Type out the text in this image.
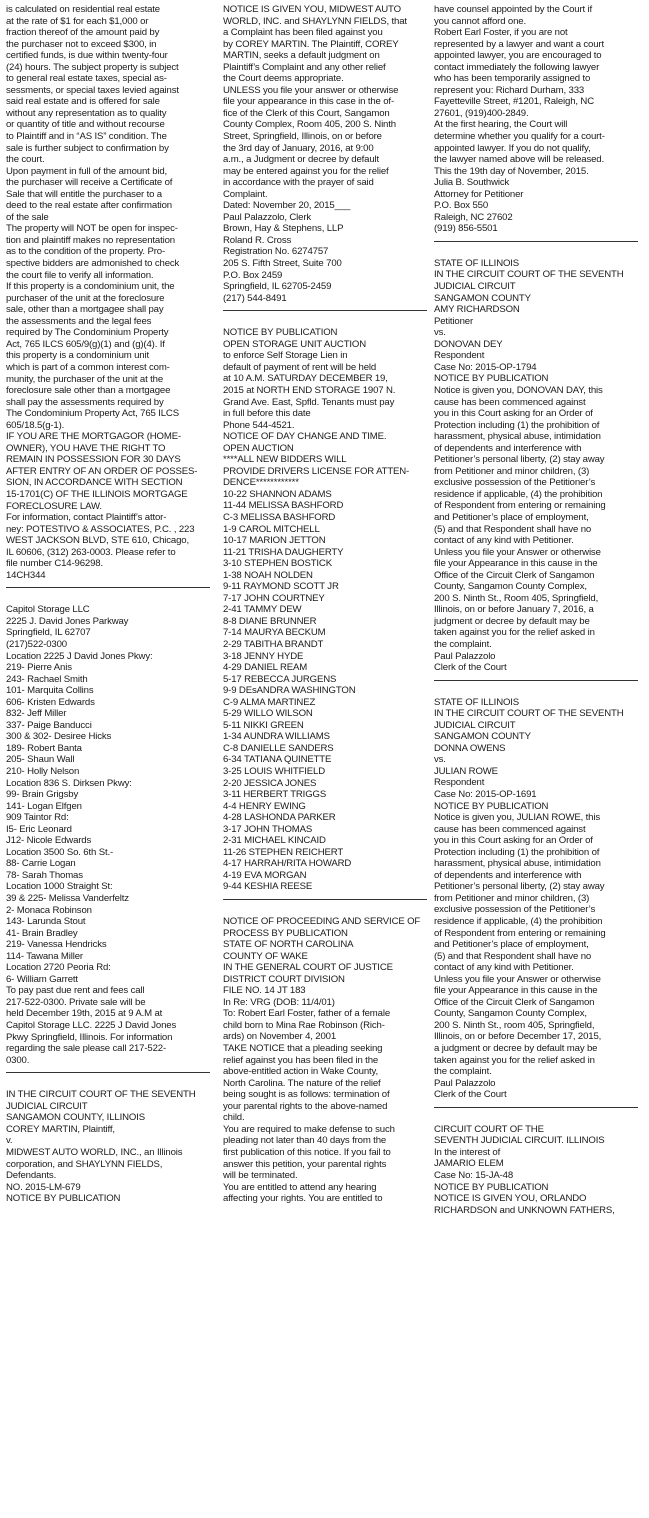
is calculated on residential real estate
at the rate of $1 for each $1,000 or
fraction thereof of the amount paid by
the purchaser not to exceed $300, in
certified funds, is due within twenty-four
(24) hours. The subject property is subject
to general real estate taxes, special as-
sessments, or special taxes levied against
said real estate and is offered for sale
without any representation as to quality
or quantity of title and without recourse
to Plaintiff and in “AS IS” condition. The
sale is further subject to confirmation by
the court.
Upon payment in full of the amount bid,
the purchaser will receive a Certificate of
Sale that will entitle the purchaser to a
deed to the real estate after confirmation
of the sale
The property will NOT be open for inspec-
tion and plaintiff makes no representation
as to the condition of the property. Pro-
spective bidders are admonished to check
the court file to verify all information.
If this property is a condominium unit, the
purchaser of the unit at the foreclosure
sale, other than a mortgagee shall pay
the assessments and the legal fees
required by The Condominium Property
Act, 765 ILCS 605/9(g)(1) and (g)(4). If
this property is a condominium unit
which is part of a common interest com-
munity, the purchaser of the unit at the
foreclosure sale other than a mortgagee
shall pay the assessments required by
The Condominium Property Act, 765 ILCS
605/18.5(g-1).
IF YOU ARE THE MORTGAGOR (HOME-
OWNER), YOU HAVE THE RIGHT TO
REMAIN IN POSSESSION FOR 30 DAYS
AFTER ENTRY OF AN ORDER OF POSSES-
SION, IN ACCORDANCE WITH SECTION
15-1701(C) OF THE ILLINOIS MORTGAGE
FORECLOSURE LAW.
For information, contact Plaintiff’s attor-
ney: POTESTIVO & ASSOCIATES, P.C. , 223
WEST JACKSON BLVD, STE 610, Chicago,
IL 60606, (312) 263-0003. Please refer to
file number C14-96298.
14CH344
Capitol Storage LLC
2225 J. David Jones Parkway
Springfield, IL 62707
(217)522-0300
Location 2225 J David Jones Pkwy:
219- Pierre Anis
243- Rachael Smith
101- Marquita Collins
606- Kristen Edwards
832- Jeff Miller
337- Paige Banducci
300 & 302- Desiree Hicks
189- Robert Banta
205- Shaun Wall
210- Holly Nelson
Location 836 S. Dirksen Pkwy:
99- Brain Grigsby
141- Logan Elfgen
909 Taintor Rd:
I5- Eric Leonard
J12- Nicole Edwards
Location 3500 So. 6th St.-
88- Carrie Logan
78- Sarah Thomas
Location 1000 Straight St:
39 & 225- Melissa Vanderfeltz
2- Monaca Robinson
143- Larunda Stout
41- Brain Bradley
219- Vanessa Hendricks
114- Tawana Miller
Location 2720 Peoria Rd:
6- William Garrett
To pay past due rent and fees call
217-522-0300. Private sale will be
held December 19th, 2015 at 9 A.M at
Capitol Storage LLC. 2225 J David Jones
Pkwy Springfield, Illinois. For information
regarding the sale please call 217-522-
0300.
IN THE CIRCUIT COURT OF THE SEVENTH
JUDICIAL CIRCUIT
SANGAMON COUNTY, ILLINOIS
COREY MARTIN, Plaintiff,
v.
MIDWEST AUTO WORLD, INC., an Illinois
corporation, and SHAYLYNN FIELDS,
Defendants.
NO. 2015-LM-679
NOTICE BY PUBLICATION
NOTICE IS GIVEN YOU, MIDWEST AUTO
WORLD, INC. and SHAYLYNN FIELDS, that
a Complaint has been filed against you
by COREY MARTIN. The Plaintiff, COREY
MARTIN, seeks a default judgment on
Plaintiff’s Complaint and any other relief
the Court deems appropriate.
UNLESS you file your answer or otherwise
file your appearance in this case in the of-
fice of the Clerk of this Court, Sangamon
County Complex, Room 405, 200 S. Ninth
Street, Springfield, Illinois, on or before
the 3rd day of January, 2016, at 9:00
a.m., a Judgment or decree by default
may be entered against you for the relief
in accordance with the prayer of said
Complaint.
Dated: November 20, 2015___
Paul Palazzolo, Clerk
Brown, Hay & Stephens, LLP
Roland R. Cross
Registration No. 6274757
205 S. Fifth Street, Suite 700
P.O. Box 2459
Springfield, IL 62705-2459
(217) 544-8491
NOTICE BY PUBLICATION
OPEN STORAGE UNIT AUCTION
to enforce Self Storage Lien in
default of payment of rent will be held
at 10 A.M. SATURDAY DECEMBER 19,
2015 at NORTH END STORAGE 1907 N.
Grand Ave. East, Spfld. Tenants must pay
in full before this date
Phone 544-4521.
NOTICE OF DAY CHANGE AND TIME.
OPEN AUCTION
****ALL NEW BIDDERS WILL
PROVIDE DRIVERS LICENSE FOR ATTEN-
DENCE************
10-22 SHANNON ADAMS
11-44 MELISSA BASHFORD
C-3 MELISSA BASHFORD
1-9 CAROL MITCHELL
10-17 MARION JETTON
11-21 TRISHA DAUGHERTY
3-10 STEPHEN BOSTICK
1-38 NOAH NOLDEN
9-11 RAYMOND SCOTT JR
7-17 JOHN COURTNEY
2-41 TAMMY DEW
8-8 DIANE BRUNNER
7-14 MAURYA BECKUM
2-29 TABITHA BRANDT
3-18 JENNY HYDE
4-29 DANIEL REAM
5-17 REBECCA JURGENS
9-9 DEsANDRA WASHINGTON
C-9 ALMA MARTINEZ
5-29 WILLO WILSON
5-11 NIKKI GREEN
1-34 AUNDRA WILLIAMS
C-8 DANIELLE SANDERS
6-34 TATIANA QUINETTE
3-25 LOUIS WHITFIELD
2-20 JESSICA JONES
3-11 HERBERT TRIGGS
4-4 HENRY EWING
4-28 LASHONDA PARKER
3-17 JOHN THOMAS
2-31 MICHAEL KINCAID
11-26 STEPHEN REICHERT
4-17 HARRAH/RITA HOWARD
4-19 EVA MORGAN
9-44 KESHIA REESE
NOTICE OF PROCEEDING AND SERVICE OF
PROCESS BY PUBLICATION
STATE OF NORTH CAROLINA
COUNTY OF WAKE
IN THE GENERAL COURT OF JUSTICE
DISTRICT COURT DIVISION
FILE NO. 14 JT 183
In Re: VRG (DOB: 11/4/01)
To: Robert Earl Foster, father of a female
child born to Mina Rae Robinson (Rich-
ards) on November 4, 2001
TAKE NOTICE that a pleading seeking
relief against you has been filed in the
above-entitled action in Wake County,
North Carolina. The nature of the relief
being sought is as follows: termination of
your parental rights to the above-named
child.
You are required to make defense to such
pleading not later than 40 days from the
first publication of this notice. If you fail to
answer this petition, your parental rights
will be terminated.
You are entitled to attend any hearing
affecting your rights. You are entitled to
have counsel appointed by the Court if
you cannot afford one.
Robert Earl Foster, if you are not
represented by a lawyer and want a court
appointed lawyer, you are encouraged to
contact immediately the following lawyer
who has been temporarily assigned to
represent you: Richard Durham, 333
Fayetteville Street, #1201, Raleigh, NC
27601, (919)400-2849.
At the first hearing, the Court will
determine whether you qualify for a court-
appointed lawyer. If you do not qualify,
the lawyer named above will be released.
This the 19th day of November, 2015.
Julia B. Southwick
Attorney for Petitioner
P.O. Box 550
Raleigh, NC 27602
(919) 856-5501
STATE OF ILLINOIS
IN THE CIRCUIT COURT OF THE SEVENTH
JUDICIAL CIRCUIT
SANGAMON COUNTY
AMY RICHARDSON
Petitioner
vs.
DONOVAN DEY
Respondent
Case No: 2015-OP-1794
NOTICE BY PUBLICATION
Notice is given you, DONOVAN DAY, this
cause has been commenced against
you in this Court asking for an Order of
Protection including (1) the prohibition of
harassment, physical abuse, intimidation
of dependents and interference with
Petitioner’s personal liberty, (2) stay away
from Petitioner and minor children, (3)
exclusive possession of the Petitioner’s
residence if applicable, (4) the prohibition
of Respondent from entering or remaining
and Petitioner’s place of employment,
(5) and that Respondent shall have no
contact of any kind with Petitioner.
Unless you file your Answer or otherwise
file your Appearance in this cause in the
Office of the Circuit Clerk of Sangamon
County, Sangamon County Complex,
200 S. Ninth St., Room 405, Springfield,
Illinois, on or before January 7, 2016, a
judgment or decree by default may be
taken against you for the relief asked in
the complaint.
Paul Palazzolo
Clerk of the Court
STATE OF ILLINOIS
IN THE CIRCUIT COURT OF THE SEVENTH
JUDICIAL CIRCUIT
SANGAMON COUNTY
DONNA OWENS
vs.
JULIAN ROWE
Respondent
Case No: 2015-OP-1691
NOTICE BY PUBLICATION
Notice is given you, JULIAN ROWE, this
cause has been commenced against
you in this Court asking for an Order of
Protection including (1) the prohibition of
harassment, physical abuse, intimidation
of dependents and interference with
Petitioner’s personal liberty, (2) stay away
from Petitioner and minor children, (3)
exclusive possession of the Petitioner’s
residence if applicable, (4) the prohibition
of Respondent from entering or remaining
and Petitioner’s place of employment,
(5) and that Respondent shall have no
contact of any kind with Petitioner.
Unless you file your Answer or otherwise
file your Appearance in this cause in the
Office of the Circuit Clerk of Sangamon
County, Sangamon County Complex,
200 S. Ninth St., room 405, Springfield,
Illinois, on or before December 17, 2015,
a judgment or decree by default may be
taken against you for the relief asked in
the complaint.
Paul Palazzolo
Clerk of the Court
CIRCUIT COURT OF THE
SEVENTH JUDICIAL CIRCUIT. ILLINOIS
In the interest of
JAMARIO ELEM
Case No: 15-JA-48
NOTICE BY PUBLICATION
NOTICE IS GIVEN YOU, ORLANDO
RICHARDSON and UNKNOWN FATHERS,
